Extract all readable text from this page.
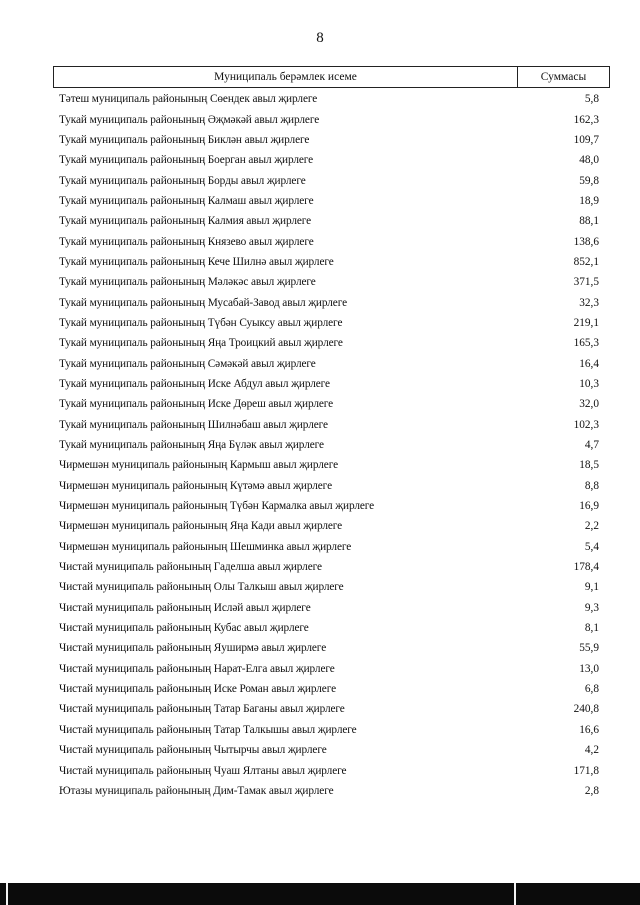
8
Муниципаль берәмлек исеме	Суммасы
Тәтеш муниципаль районының Сөендек авыл җирлеге	5,8
Тукай муниципаль районының Әҗмәкәй авыл җирлеге	162,3
Тукай муниципаль районының Биклән авыл җирлеге	109,7
Тукай муниципаль районының Боерган авыл җирлеге	48,0
Тукай муниципаль районының Борды авыл җирлеге	59,8
Тукай муниципаль районының Калмаш авыл җирлеге	18,9
Тукай муниципаль районының Калмия авыл җирлеге	88,1
Тукай муниципаль районының Князево авыл җирлеге	138,6
Тукай муниципаль районының Кече Шилнә авыл җирлеге	852,1
Тукай муниципаль районының Мәләкәс авыл җирлеге	371,5
Тукай муниципаль районының Мусабай-Завод авыл җирлеге	32,3
Тукай муниципаль районының Түбән Суыксу авыл җирлеге	219,1
Тукай муниципаль районының Яңа Троицкий авыл җирлеге	165,3
Тукай муниципаль районының Сәмәкәй авыл җирлеге	16,4
Тукай муниципаль районының Иске Абдул авыл җирлеге	10,3
Тукай муниципаль районының Иске Дөреш авыл җирлеге	32,0
Тукай муниципаль районының Шилнәбаш авыл җирлеге	102,3
Тукай муниципаль районының Яңа Бүләк авыл җирлеге	4,7
Чирмешән муниципаль районының Кармыш авыл җирлеге	18,5
Чирмешән муниципаль районының Күтәмә авыл җирлеге	8,8
Чирмешән муниципаль районының Түбән Кармалка авыл җирлеге	16,9
Чирмешән муниципаль районының Яңа Кади авыл җирлеге	2,2
Чирмешән муниципаль районының Шешминка авыл җирлеге	5,4
Чистай муниципаль районының Гаделша авыл җирлеге	178,4
Чистай муниципаль районының Олы Талкыш авыл җирлеге	9,1
Чистай муниципаль районының Исләй авыл җирлеге	9,3
Чистай муниципаль районының Кубас авыл җирлеге	8,1
Чистай муниципаль районының Яуширмә авыл җирлеге	55,9
Чистай муниципаль районының Нарат-Елга авыл җирлеге	13,0
Чистай муниципаль районының Иске Роман авыл җирлеге	6,8
Чистай муниципаль районының Татар Баганы авыл җирлеге	240,8
Чистай муниципаль районының Татар Талкышы авыл җирлеге	16,6
Чистай муниципаль районының Чытырчы авыл җирлеге	4,2
Чистай муниципаль районының Чуаш Ялтаны авыл җирлеге	171,8
Ютазы муниципаль районының Дим-Тамак авыл җирлеге	2,8
